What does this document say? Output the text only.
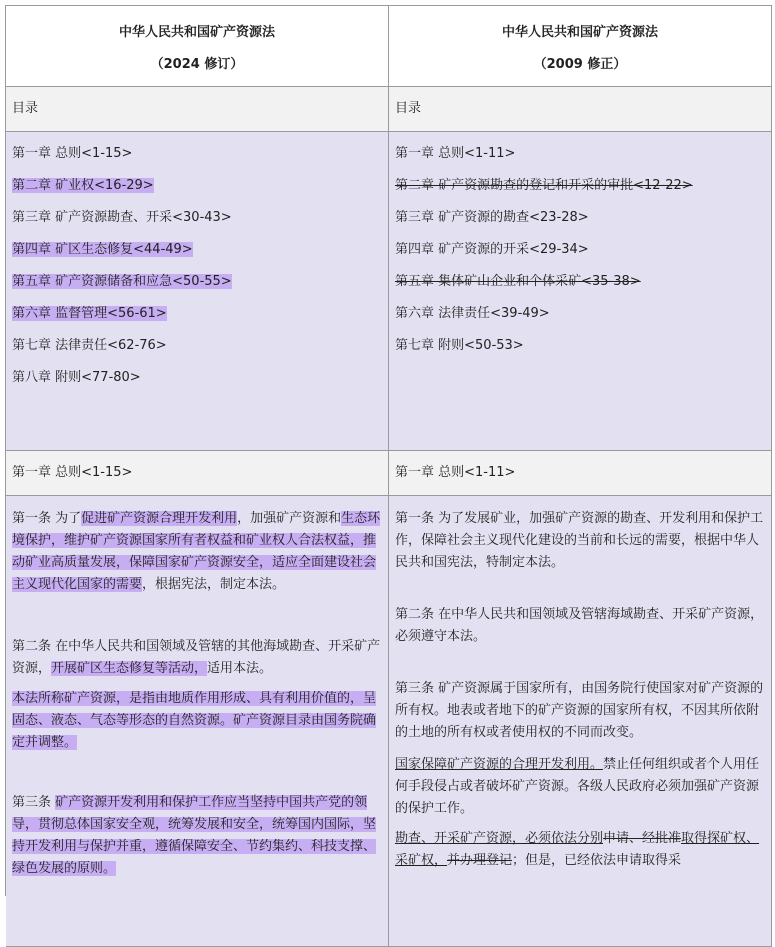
中华人民共和国矿产资源法
（2024 修订）
中华人民共和国矿产资源法
（2009 修正）
目录	目录
第一章 总则<1-15>
第二章 矿业权<16-29>
第三章 矿产资源勘查、开采<30-43>
第四章 矿区生态修复<44-49>
第五章 矿产资源储备和应急<50-55>
第六章 监督管理<56-61>
第七章 法律责任<62-76>
第八章 附则<77-80>
第一章 总则<1-11>
第二章 矿产资源勘查的登记和开采的审批<12-22>
第三章 矿产资源的勘查<23-28>
第四章 矿产资源的开采<29-34>
第五章 集体矿山企业和个体采矿<35-38>
第六章 法律责任<39-49>
第七章 附则<50-53>
第一章 总则<1-15>	第一章 总则<1-11>

第一条 为了促进矿产资源合理开发利用，加强矿产资源和生态环境保护，维护矿产资源国家所有者权益和矿业权人合法权益，推动矿业高质量发展，保障国家矿产资源安全，适应全面建设社会主义现代化国家的需要，根据宪法，制定本法。

第二条 在中华人民共和国领域及管辖的其他海域勘查、开采矿产资源，开展矿区生态修复等活动，适用本法。

本法所称矿产资源，是指由地质作用形成、具有利用价值的，呈固态、液态、气态等形态的自然资源。矿产资源目录由国务院确定并调整。

第三条 矿产资源开发利用和保护工作应当坚持中国共产党的领导，贯彻总体国家安全观，统筹发展和安全，统筹国内国际，坚持开发利用与保护并重，遵循保障安全、节约集约、科技支撑、绿色发展的原则。

第一条 为了发展矿业，加强矿产资源的勘查、开发利用和保护工作，保障社会主义现代化建设的当前和长远的需要，根据中华人民共和国宪法，特制定本法。

第二条 在中华人民共和国领域及管辖海域勘查、开采矿产资源，必须遵守本法。

第三条 矿产资源属于国家所有，由国务院行使国家对矿产资源的所有权。地表或者地下的矿产资源的国家所有权，不因其所依附的土地的所有权或者使用权的不同而改变。

国家保障矿产资源的合理开发利用。禁止任何组织或者个人用任何手段侵占或者破坏矿产资源。各级人民政府必须加强矿产资源的保护工作。

勘查、开采矿产资源，必须依法分别申请、经批准取得探矿权、采矿权，并办理登记；但是，已经依法申请取得采
